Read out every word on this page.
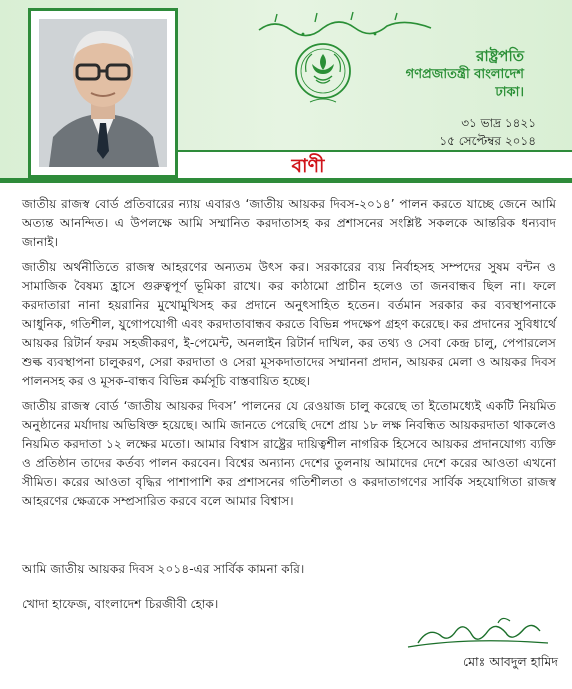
রাষ্ট্রপতি
গণপ্রজাতন্ত্রী বাংলাদেশ
ঢাকা।
৩১ ভাদ্র ১৪২১
১৫ সেপ্টেম্বর ২০১৪
বাণী

জাতীয় রাজস্ব বোর্ড প্রতিবারের ন্যায় এবারও ‘জাতীয় আয়কর দিবস-২০১৪’ পালন করতে যাচ্ছে জেনে আমি অত্যন্ত আনন্দিত। এ উপলক্ষে আমি সম্মানিত করদাতাসহ কর প্রশাসনের সংশ্লিষ্ট সকলকে আন্তরিক ধন্যবাদ জানাই।

জাতীয় অর্থনীতিতে রাজস্ব আহরণের অন্যতম উৎস কর। সরকারের ব্যয় নির্বাহসহ সম্পদের সুষম বন্টন ও সামাজিক বৈষম্য হ্রাসে গুরুত্বপূর্ণ ভূমিকা রাখে। কর কাঠামো প্রাচীন হলেও তা জনবান্ধব ছিল না। ফলে করদাতারা নানা হয়রানির মুখোমুখিসহ কর প্রদানে অনুৎসাহিত হতেন। বর্তমান সরকার কর ব্যবস্থাপনাকে আধুনিক, গতিশীল, যুগোপযোগী এবং করদাতাবান্ধব করতে বিভিন্ন পদক্ষেপ গ্রহণ করেছে। কর প্রদানের সুবিধার্থে আয়কর রিটার্ন ফরম সহজীকরণ, ই-পেমেন্ট, অনলাইন রিটার্ন দাখিল, কর তথ্য ও সেবা কেন্দ্র চালু, পেপারলেস শুল্ক ব্যবস্থাপনা চালুকরণ, সেরা করদাতা ও সেরা মূসকদাতাদের সম্মাননা প্রদান, আয়কর মেলা ও আয়কর দিবস পালনসহ কর ও মূসক-বান্ধব বিভিন্ন কর্মসূচি বাস্তবায়িত হচ্ছে।

জাতীয় রাজস্ব বোর্ড ‘জাতীয় আয়কর দিবস’ পালনের যে রেওয়াজ চালু করেছে তা ইতোমধ্যেই একটি নিয়মিত অনুষ্ঠানের মর্যাদায় অভিষিক্ত হয়েছে। আমি জানতে পেরেছি দেশে প্রায় ১৮ লক্ষ নিবন্ধিত আয়করদাতা থাকলেও নিয়মিত করদাতা ১২ লক্ষের মতো। আমার বিশ্বাস রাষ্ট্রের দায়িত্বশীল নাগরিক হিসেবে আয়কর প্রদানযোগ্য ব্যক্তি ও প্রতিষ্ঠান তাদের কর্তব্য পালন করবেন। বিশ্বের অন্যান্য দেশের তুলনায় আমাদের দেশে করের আওতা এখনো সীমিত। করের আওতা বৃদ্ধির পাশাপাশি কর প্রশাসনের গতিশীলতা ও করদাতাগণের সার্বিক সহযোগিতা রাজস্ব আহরণের ক্ষেত্রকে সম্প্রসারিত করবে বলে আমার বিশ্বাস।

আমি জাতীয় আয়কর দিবস ২০১৪-এর সার্বিক কামনা করি।
খোদা হাফেজ, বাংলাদেশ চিরজীবী হোক।
মোঃ আবদুল হামিদ
